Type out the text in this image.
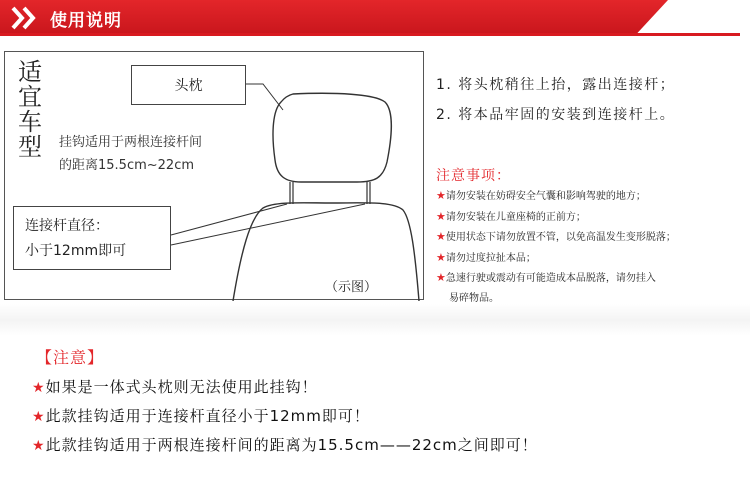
使用说明
适
宜
车
型
头枕
挂钩适用于两根连接杆间
的距离15.5cm~22cm
连接杆直径：
小于12mm即可
（示图）
1. 将头枕稍往上抬，露出连接杆；
2. 将本品牢固的安装到连接杆上。
注意事项：
★请勿安装在妨碍安全气囊和影响驾驶的地方；
★请勿安装在儿童座椅的正前方；
★使用状态下请勿放置不管，以免高温发生变形脱落；
★请勿过度拉扯本品；
★急速行驶或震动有可能造成本品脱落，请勿挂入
易碎物品。
【注意】
★如果是一体式头枕则无法使用此挂钩！
★此款挂钩适用于连接杆直径小于12mm即可！
★此款挂钩适用于两根连接杆间的距离为15.5cm——22cm之间即可！
